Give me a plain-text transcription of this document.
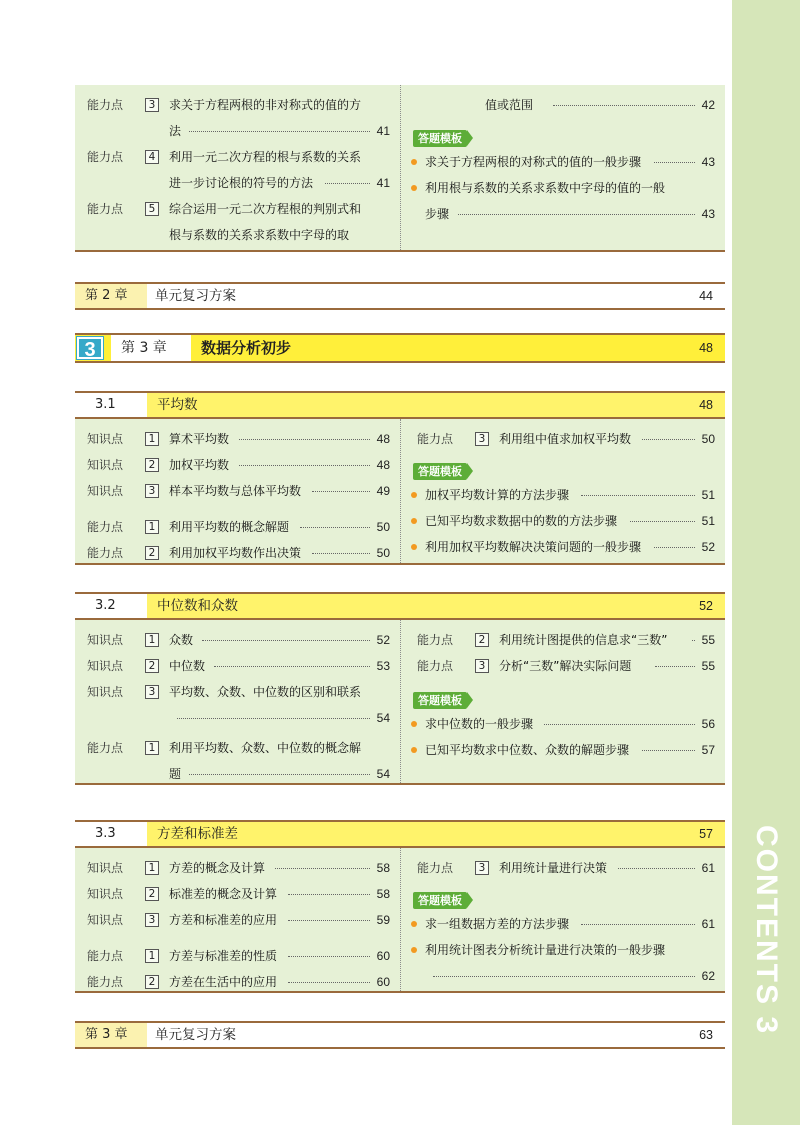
CONTENTS 3
能力点	3	求关于方程两根的非对称式的值的方
法	41
能力点	4	利用一元二次方程的根与系数的关系
进一步讨论根的符号的方法	41
能力点	5	综合运用一元二次方程根的判别式和
根与系数的关系求系数中字母的取
值或范围	42
答题模板
求关于方程两根的对称式的值的一般步骤	43
利用根与系数的关系求系数中字母的值的一般
步骤	43
第 2 章	单元复习方案	44
3	第 3 章	数据分析初步	48
3.1	平均数	48
知识点	1	算术平均数	48
知识点	2	加权平均数	48
知识点	3	样本平均数与总体平均数	49
能力点	1	利用平均数的概念解题	50
能力点	2	利用加权平均数作出决策	50
能力点	3	利用组中值求加权平均数	50
答题模板
加权平均数计算的方法步骤	51
已知平均数求数据中的数的方法步骤	51
利用加权平均数解决决策问题的一般步骤	52
3.2	中位数和众数	52
知识点	1	众数	52
知识点	2	中位数	53
知识点	3	平均数、众数、中位数的区别和联系
54
能力点	1	利用平均数、众数、中位数的概念解
题	54
能力点	2	利用统计图提供的信息求“三数”	55
能力点	3	分析“三数”解决实际问题	55
答题模板
求中位数的一般步骤	56
已知平均数求中位数、众数的解题步骤	57
3.3	方差和标准差	57
知识点	1	方差的概念及计算	58
知识点	2	标准差的概念及计算	58
知识点	3	方差和标准差的应用	59
能力点	1	方差与标准差的性质	60
能力点	2	方差在生活中的应用	60
能力点	3	利用统计量进行决策	61
答题模板
求一组数据方差的方法步骤	61
利用统计图表分析统计量进行决策的一般步骤
62
第 3 章	单元复习方案	63
